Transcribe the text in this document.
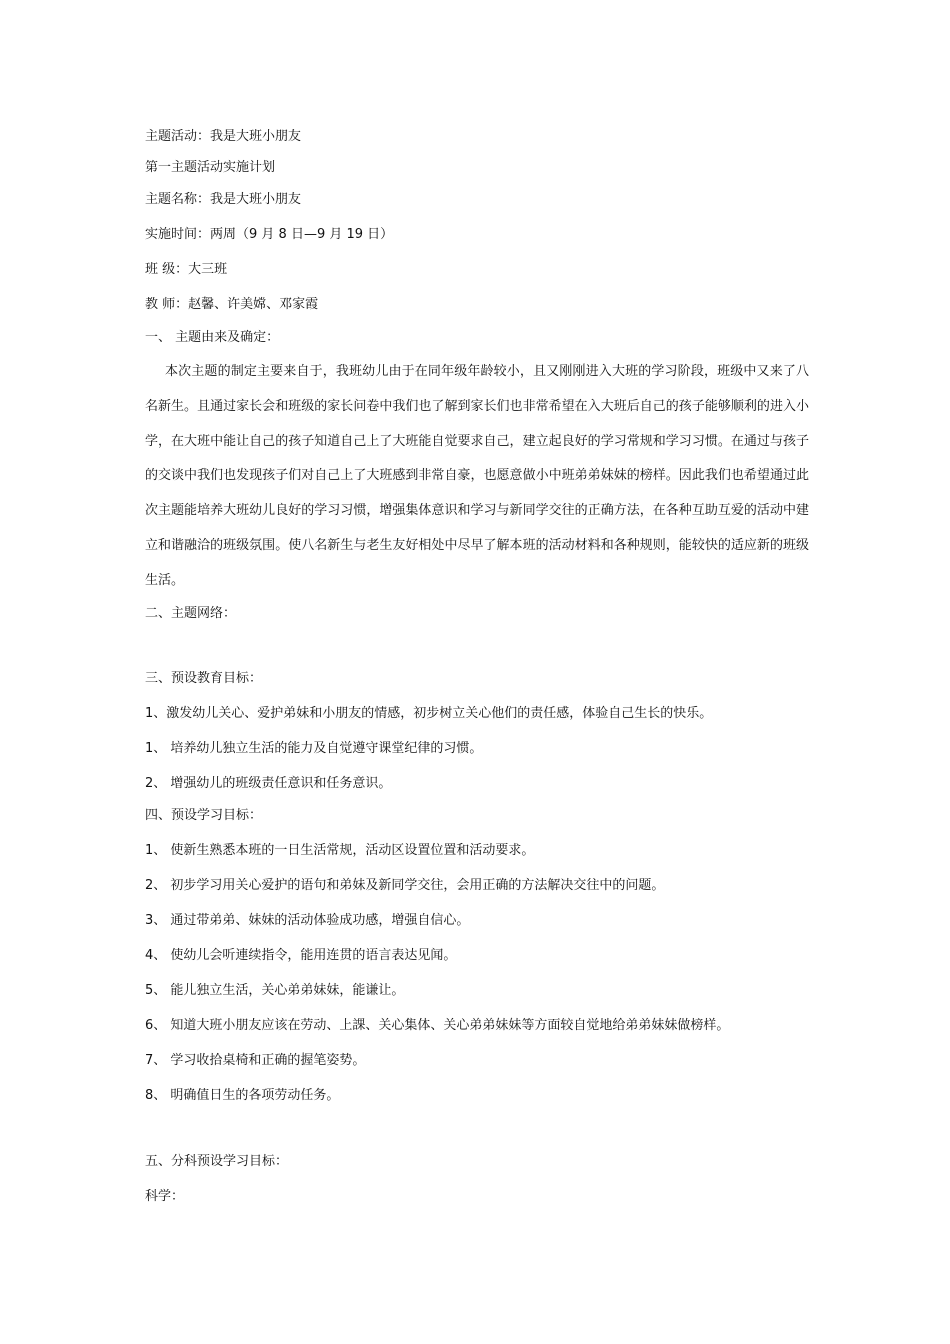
主题活动：我是大班小朋友
第一主题活动实施计划
主题名称：我是大班小朋友
实施时间：两周（9 月 8 日—9 月 19 日）
班 级：大三班
教 师：赵馨、许美嫦、邓家霞
一、 主题由来及确定：
本次主题的制定主要来自于，我班幼儿由于在同年级年龄较小，且又刚刚进入大班的学习阶段，班级中又来了八名新生。且通过家长会和班级的家长问卷中我们也了解到家长们也非常希望在入大班后自己的孩子能够顺利的进入小学，在大班中能让自己的孩子知道自己上了大班能自觉要求自己，建立起良好的学习常规和学习习惯。在通过与孩子的交谈中我们也发现孩子们对自己上了大班感到非常自豪，也愿意做小中班弟弟妹妹的榜样。因此我们也希望通过此次主题能培养大班幼儿良好的学习习惯，增强集体意识和学习与新同学交往的正确方法，在各种互助互爱的活动中建立和谐融洽的班级氛围。使八名新生与老生友好相处中尽早了解本班的活动材料和各种规则，能较快的适应新的班级生活。
二、主题网络：
三、预设教育目标：
1、激发幼儿关心、爱护弟妹和小朋友的情感，初步树立关心他们的责任感，体验自己生长的快乐。
1、 培养幼儿独立生活的能力及自觉遵守课堂纪律的习惯。
2、 增强幼儿的班级责任意识和任务意识。
四、预设学习目标：
1、 使新生熟悉本班的一日生活常规，活动区设置位置和活动要求。
2、 初步学习用关心爱护的语句和弟妹及新同学交往，会用正确的方法解决交往中的问题。
3、 通过带弟弟、妹妹的活动体验成功感，增强自信心。
4、 使幼儿会听連续指令，能用连贯的语言表达见闻。
5、 能儿独立生活，关心弟弟妹妹，能谦让。
6、 知道大班小朋友应该在劳动、上課、关心集体、关心弟弟妹妹等方面较自觉地给弟弟妹妹做榜样。
7、 学习收拾桌椅和正确的握笔姿势。
8、 明确值日生的各项劳动任务。
五、分科预设学习目标：
科学：
